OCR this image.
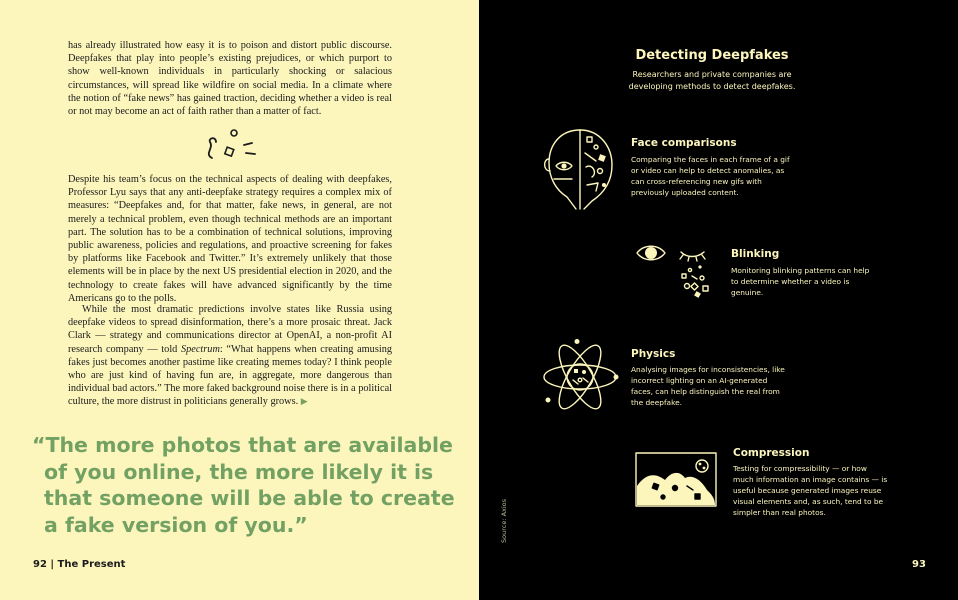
has already illustrated how easy it is to poison and distort public discourse. Deepfakes that play into people’s existing prejudices, or which purport to show well-known individuals in particularly shocking or salacious circumstances, will spread like wildfire on social media. In a climate where the notion of “fake news” has gained traction, deciding whether a video is real or not may become an act of faith rather than a matter of fact.

Despite his team’s focus on the technical aspects of dealing with deepfakes, Professor Lyu says that any anti-deepfake strategy requires a complex mix of measures: “Deepfakes and, for that matter, fake news, in general, are not merely a technical problem, even though technical methods are an important part. The solution has to be a combination of technical solutions, improving public awareness, policies and regulations, and proactive screening for fakes by platforms like Facebook and Twitter.” It’s extremely unlikely that those elements will be in place by the next US presidential election in 2020, and the technology to create fakes will have advanced significantly by the time Americans go to the polls.

While the most dramatic predictions involve states like Russia using deepfake videos to spread disinformation, there’s a more prosaic threat. Jack Clark — strategy and communications director at OpenAI, a non-profit AI research company — told Spectrum: “What happens when creating amusing fakes just becomes another pastime like creating memes today? I think people who are just kind of having fun are, in aggregate, more dangerous than individual bad actors.” The more faked background noise there is in a political culture, the more distrust in politicians generally grows. ▶

“The more photos that are available
of you online, the more likely it is
that someone will be able to create
a fake version of you.”

92 | The Present
Source: Axios
Detecting Deepfakes

Researchers and private companies are developing methods to detect deepfakes.

Face comparisons

Comparing the faces in each frame of a gif or video can help to detect anomalies, as can cross-referencing new gifs with previously uploaded content.

Blinking

Monitoring blinking patterns can help to determine whether a video is genuine.

Physics

Analysing images for inconsistencies, like incorrect lighting on an AI-generated faces, can help distinguish the real from the deepfake.

Compression

Testing for compressibility — or how much information an image contains — is useful because generated images reuse visual elements and, as such, tend to be simpler than real photos.

93
